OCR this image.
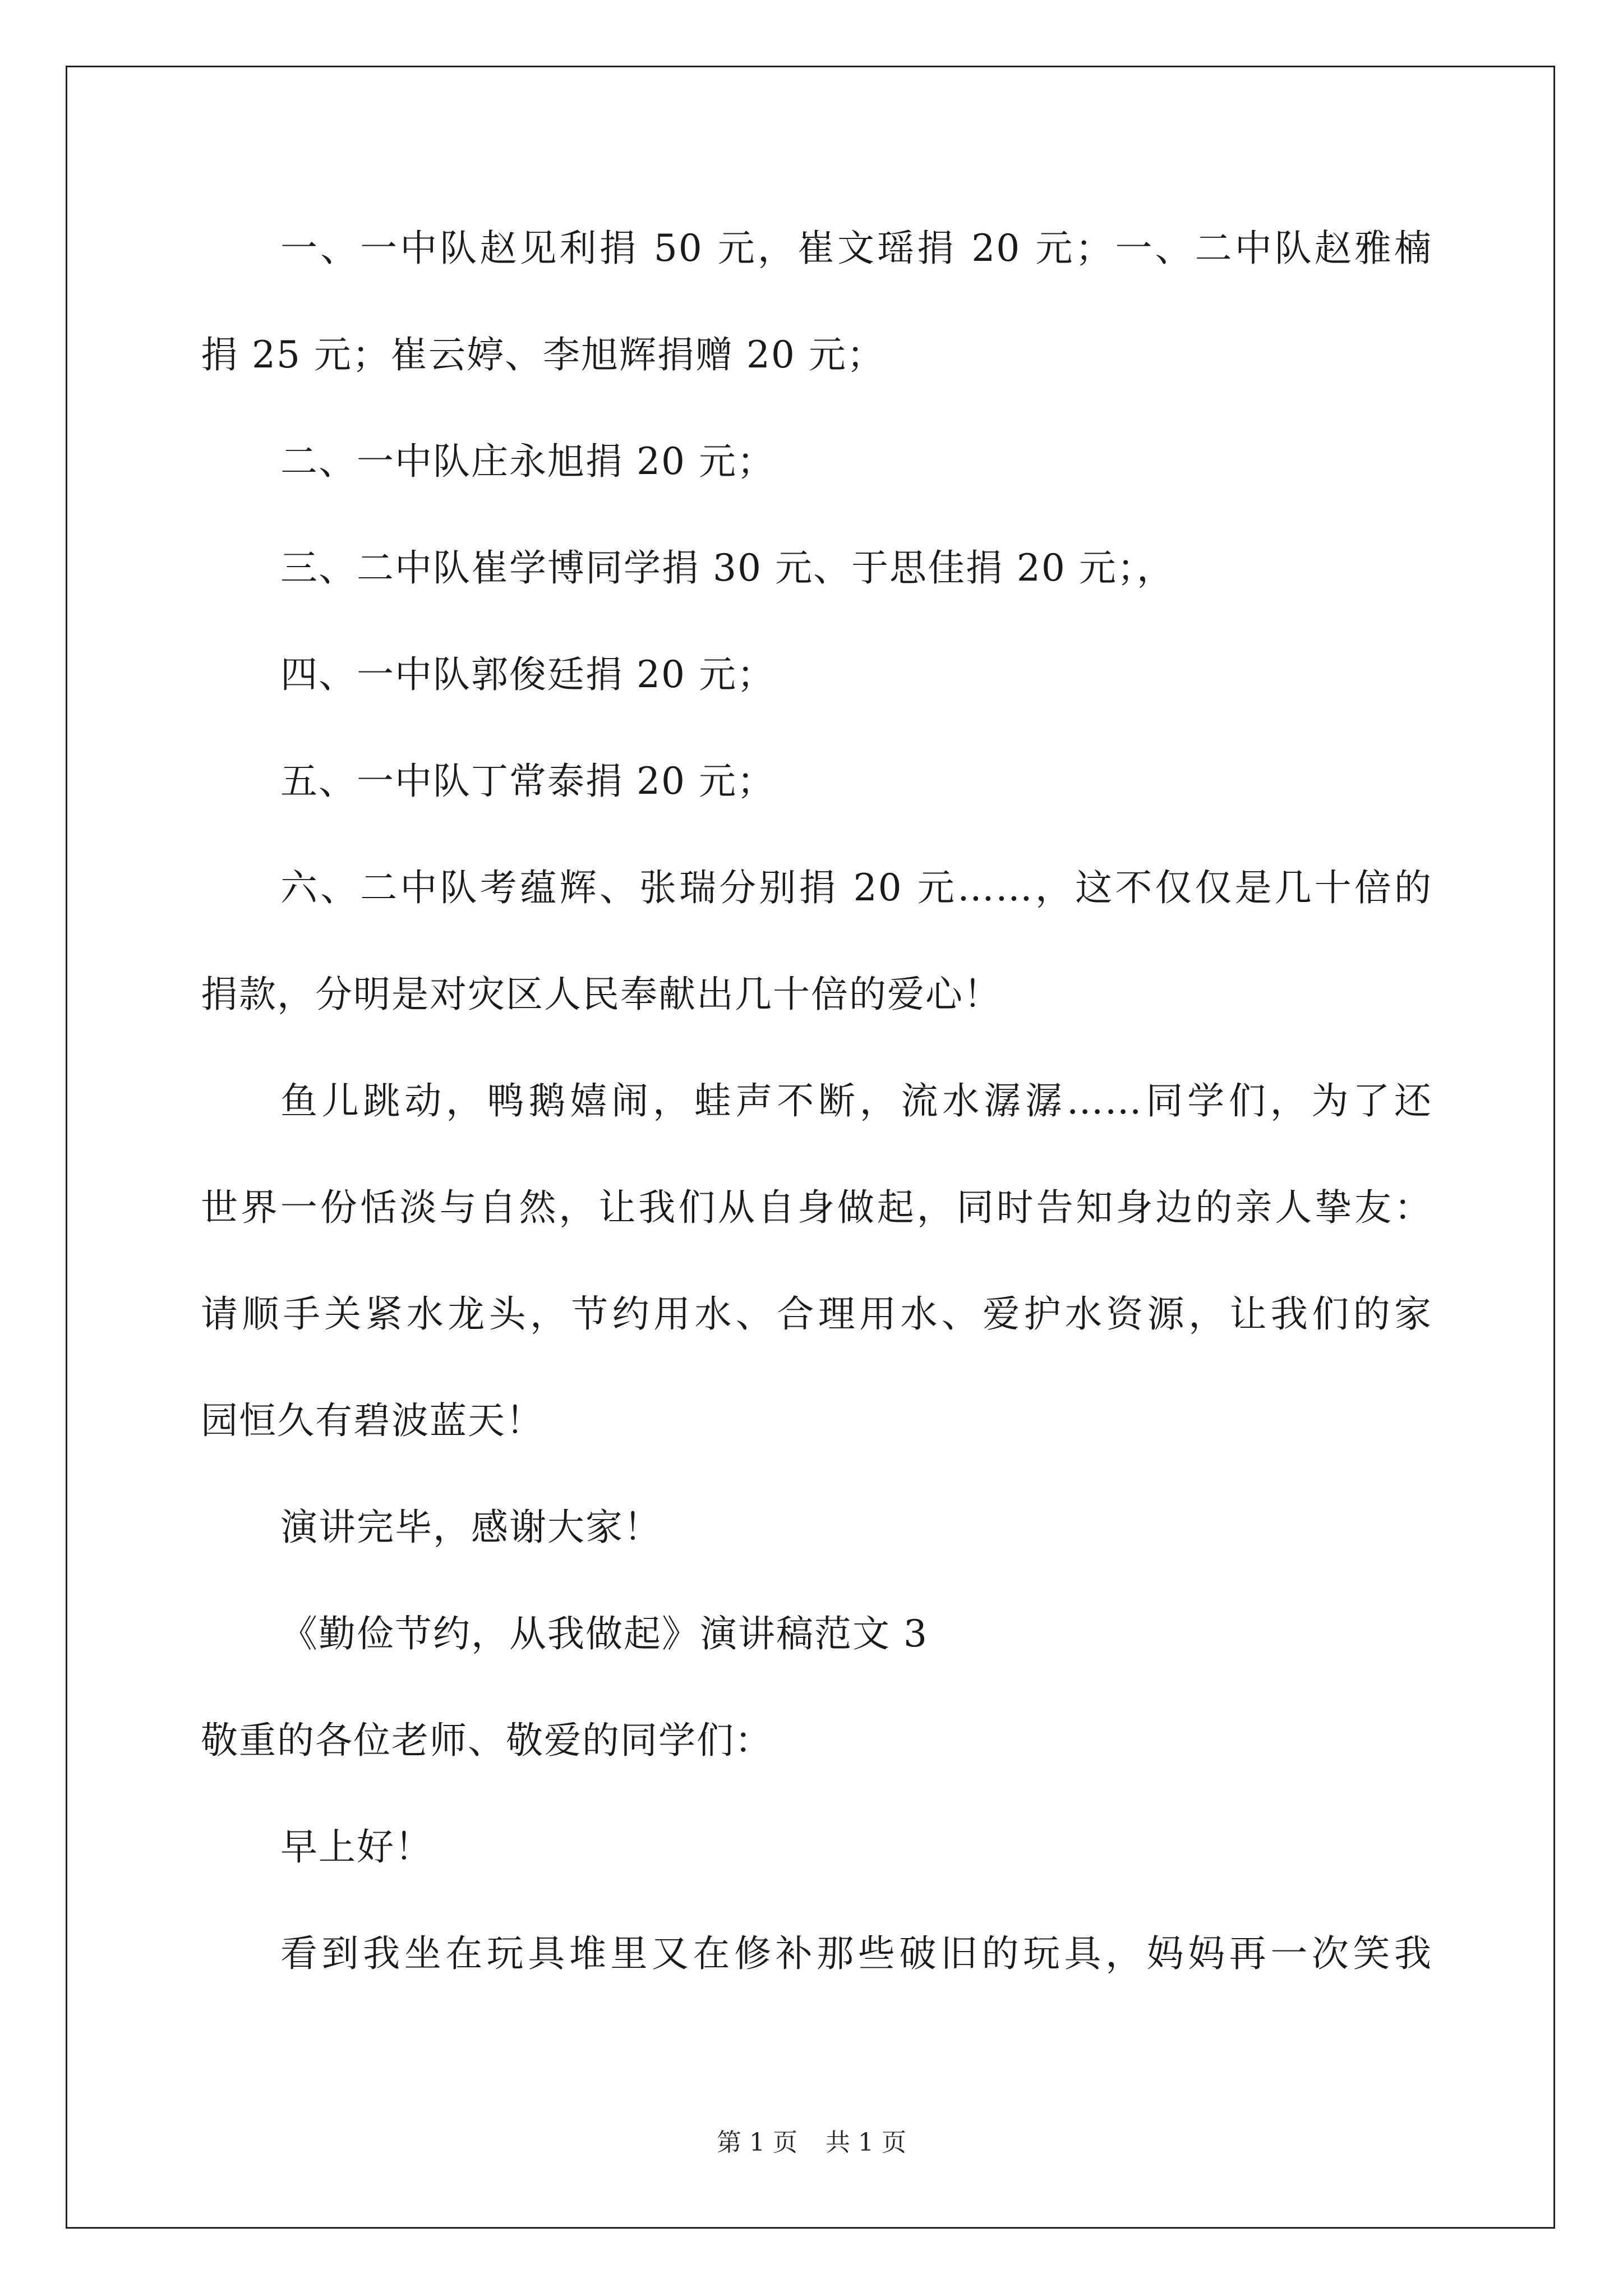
一、一中队赵见利捐 50 元，崔文瑶捐 20 元；一、二中队赵雅楠
捐 25 元；崔云婷、李旭辉捐赠 20 元；
二、一中队庄永旭捐 20 元；
三、二中队崔学博同学捐 30 元、于思佳捐 20 元；，
四、一中队郭俊廷捐 20 元；
五、一中队丁常泰捐 20 元；
六、二中队考蕴辉、张瑞分别捐 20 元……，这不仅仅是几十倍的
捐款，分明是对灾区人民奉献出几十倍的爱心！
鱼儿跳动，鸭鹅嬉闹，蛙声不断，流水潺潺……同学们，为了还
世界一份恬淡与自然，让我们从自身做起，同时告知身边的亲人挚友：
请顺手关紧水龙头，节约用水、合理用水、爱护水资源，让我们的家
园恒久有碧波蓝天！
演讲完毕，感谢大家！
《勤俭节约，从我做起》演讲稿范文 3
敬重的各位老师、敬爱的同学们：
早上好！
看到我坐在玩具堆里又在修补那些破旧的玩具，妈妈再一次笑我
第 1 页 共 1 页
